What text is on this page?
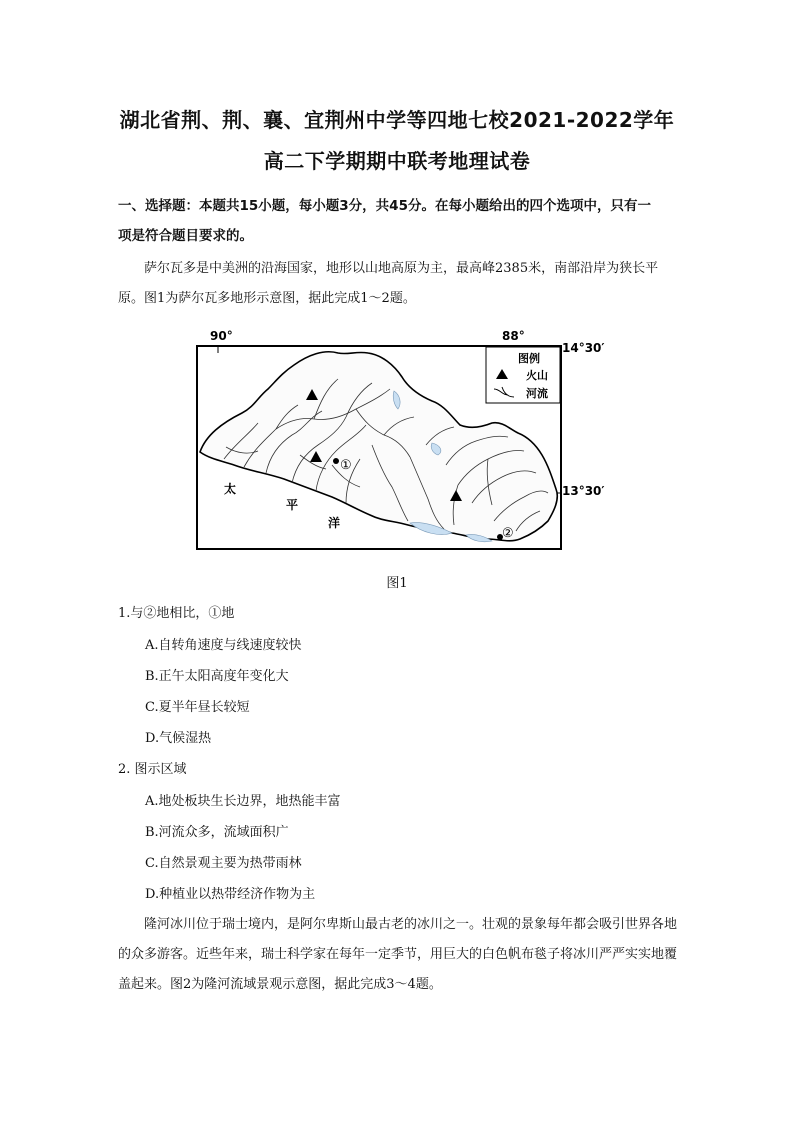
湖北省荆、荆、襄、宜荆州中学等四地七校2021-2022学年
高二下学期期中联考地理试卷
一、选择题：本题共15小题，每小题3分，共45分。在每小题给出的四个选项中，只有一
项是符合题目要求的。
萨尔瓦多是中美洲的沿海国家，地形以山地高原为主，最高峰2385米，南部沿岸为狭长平原。图1为萨尔瓦多地形示意图，据此完成1～2题。
90°	88°
14°30′
13°30′
①
②
太
平
洋
图例
火山
河流
图1
1.与②地相比，①地
A.自转角速度与线速度较快
B.正午太阳高度年变化大
C.夏半年昼长较短
D.气候湿热
2. 图示区域
A.地处板块生长边界，地热能丰富
B.河流众多，流域面积广
C.自然景观主要为热带雨林
D.种植业以热带经济作物为主
隆河冰川位于瑞士境内，是阿尔卑斯山最古老的冰川之一。壮观的景象每年都会吸引世界各地的众多游客。近些年来，瑞士科学家在每年一定季节，用巨大的白色帆布毯子将冰川严严实实地覆盖起来。图2为隆河流域景观示意图，据此完成3～4题。
